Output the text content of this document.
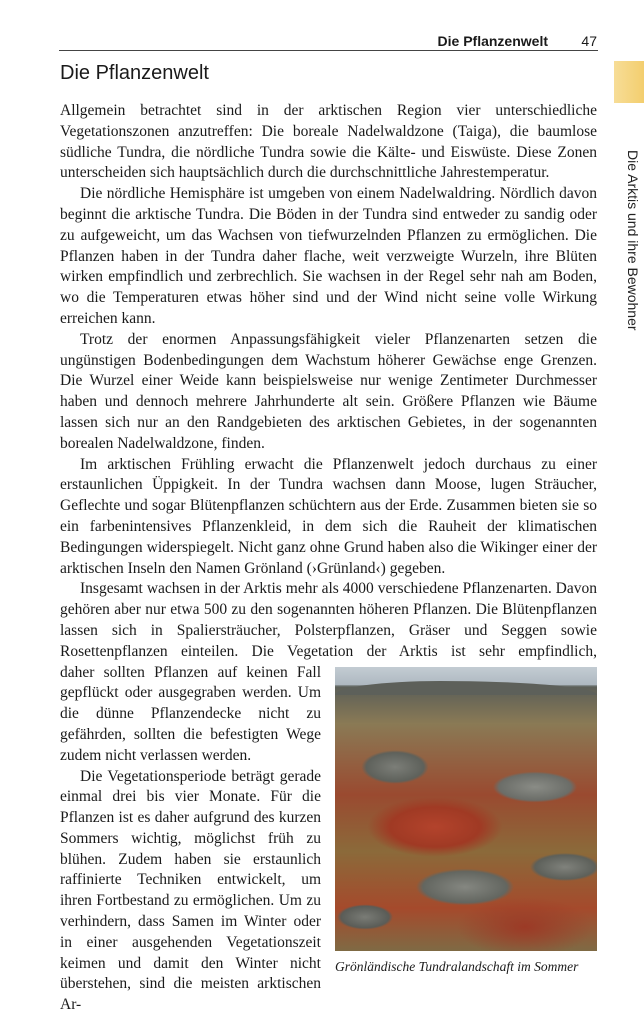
Die Pflanzenwelt 47
Die Arktis und ihre Bewohner
Die Pflanzenwelt

Allgemein betrachtet sind in der arktischen Region vier unterschiedliche Vegetationszonen anzutreffen: Die boreale Nadelwaldzone (Taiga), die baumlose südliche Tundra, die nördliche Tundra sowie die Kälte- und Eiswüste. Diese Zonen unterscheiden sich hauptsächlich durch die durchschnittliche Jahrestemperatur.

Die nördliche Hemisphäre ist umgeben von einem Nadelwaldring. Nördlich davon beginnt die arktische Tundra. Die Böden in der Tundra sind entweder zu sandig oder zu aufgeweicht, um das Wachsen von tiefwurzelnden Pflanzen zu ermöglichen. Die Pflanzen haben in der Tundra daher flache, weit verzweigte Wurzeln, ihre Blüten wirken empfindlich und zerbrechlich. Sie wachsen in der Regel sehr nah am Boden, wo die Temperaturen etwas höher sind und der Wind nicht seine volle Wirkung erreichen kann.

Trotz der enormen Anpassungsfähigkeit vieler Pflanzenarten setzen die ungünstigen Bodenbedingungen dem Wachstum höherer Gewächse enge Grenzen. Die Wurzel einer Weide kann beispielsweise nur wenige Zentimeter Durchmesser haben und dennoch mehrere Jahrhunderte alt sein. Größere Pflanzen wie Bäume lassen sich nur an den Randgebieten des arktischen Gebietes, in der sogenannten borealen Nadelwaldzone, finden.

Im arktischen Frühling erwacht die Pflanzenwelt jedoch durchaus zu einer erstaunlichen Üppigkeit. In der Tundra wachsen dann Moose, lugen Sträucher, Geflechte und sogar Blütenpflanzen schüchtern aus der Erde. Zusammen bieten sie so ein farbenintensives Pflanzenkleid, in dem sich die Rauheit der klimatischen Bedingungen widerspiegelt. Nicht ganz ohne Grund haben also die Wikinger einer der arktischen Inseln den Namen Grönland (›Grünland‹) gegeben.

Insgesamt wachsen in der Arktis mehr als 4000 verschiedene Pflanzenarten. Davon gehören aber nur etwa 500 zu den sogenannten höheren Pflanzen. Die Blütenpflanzen lassen sich in Spaliersträucher, Polsterpflanzen, Gräser und Seggen sowie Rosettenpflanzen einteilen. Die Vegetation der Arktis ist sehr empfindlich,

Grönländische Tundralandschaft im Sommer

daher sollten Pflanzen auf keinen Fall gepflückt oder ausgegraben werden. Um die dünne Pflanzendecke nicht zu gefährden, sollten die befestigten Wege zudem nicht verlassen werden.

Die Vegetationsperiode beträgt gerade einmal drei bis vier Monate. Für die Pflanzen ist es daher aufgrund des kurzen Sommers wichtig, möglichst früh zu blühen. Zudem haben sie erstaunlich raffinierte Techniken entwickelt, um ihren Fortbestand zu ermöglichen. Um zu verhindern, dass Samen im Winter oder in einer ausgehenden Vegetationszeit keimen und damit den Winter nicht überstehen, sind die meisten arktischen Ar-
